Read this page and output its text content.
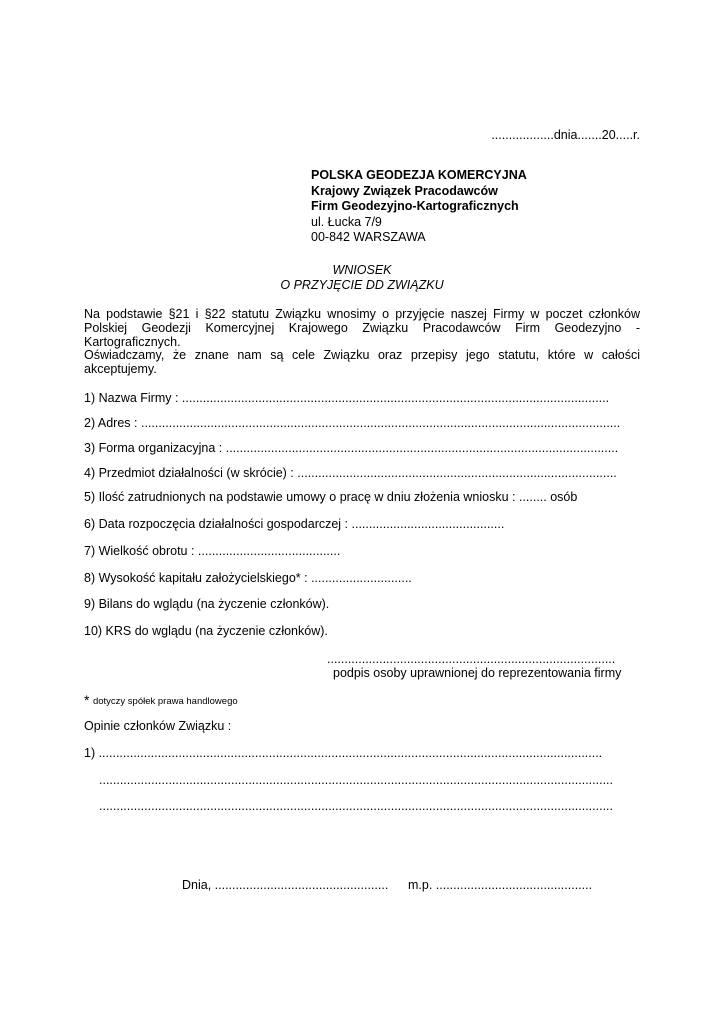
..................dnia.......20.....r.
POLSKA GEODEZJA KOMERCYJNA
Krajowy Związek Pracodawców
Firm Geodezyjno-Kartograficznych
ul. Łucka 7/9
00-842 WARSZAWA
WNIOSEK
O PRZYJĘCIE DD ZWIĄZKU
Na podstawie §21 i §22 statutu Związku wnosimy o przyjęcie naszej Firmy w poczet członków Polskiej Geodezji Komercyjnej Krajowego Związku Pracodawców Firm Geodezyjno - Kartograficznych.
Oświadczamy, że znane nam są cele Związku oraz przepisy jego statutu, które w całości akceptujemy.
1) Nazwa Firmy : ...........................................................................................................................
2) Adres : ..........................................................................................................................................
3) Forma organizacyjna : .................................................................................................................
4) Przedmiot działalności (w skrócie) : ............................................................................................
5) Ilość zatrudnionych na podstawie umowy o pracę w dniu złożenia wniosku : ........ osób
6) Data rozpoczęcia działalności gospodarczej : ............................................
7) Wielkość obrotu : .........................................
8) Wysokość kapitału założycielskiego* : .............................
9) Bilans do wglądu (na życzenie członków).
10) KRS do wglądu (na życzenie członków).
...................................................................................
podpis osoby uprawnionej do reprezentowania firmy
* dotyczy spółek prawa handlowego
Opinie członków Związku :
1) .................................................................................................................................................
....................................................................................................................................................
....................................................................................................................................................
Dnia, .................................................. m.p. .............................................
